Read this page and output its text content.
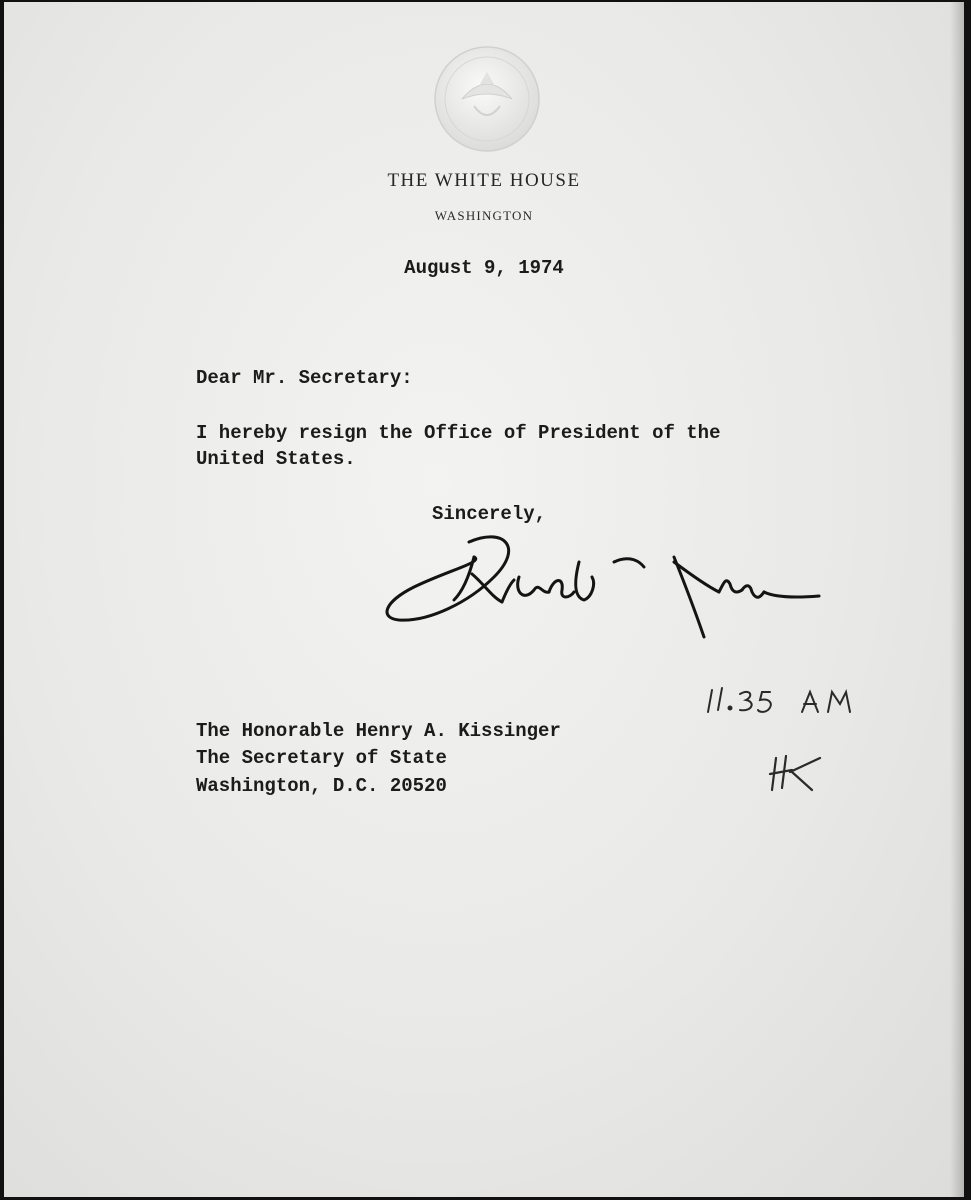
THE WHITE HOUSE
WASHINGTON
August 9, 1974
Dear Mr. Secretary:
I hereby resign the Office of President of the
United States.
Sincerely,
The Honorable Henry A. Kissinger
The Secretary of State
Washington, D.C. 20520
